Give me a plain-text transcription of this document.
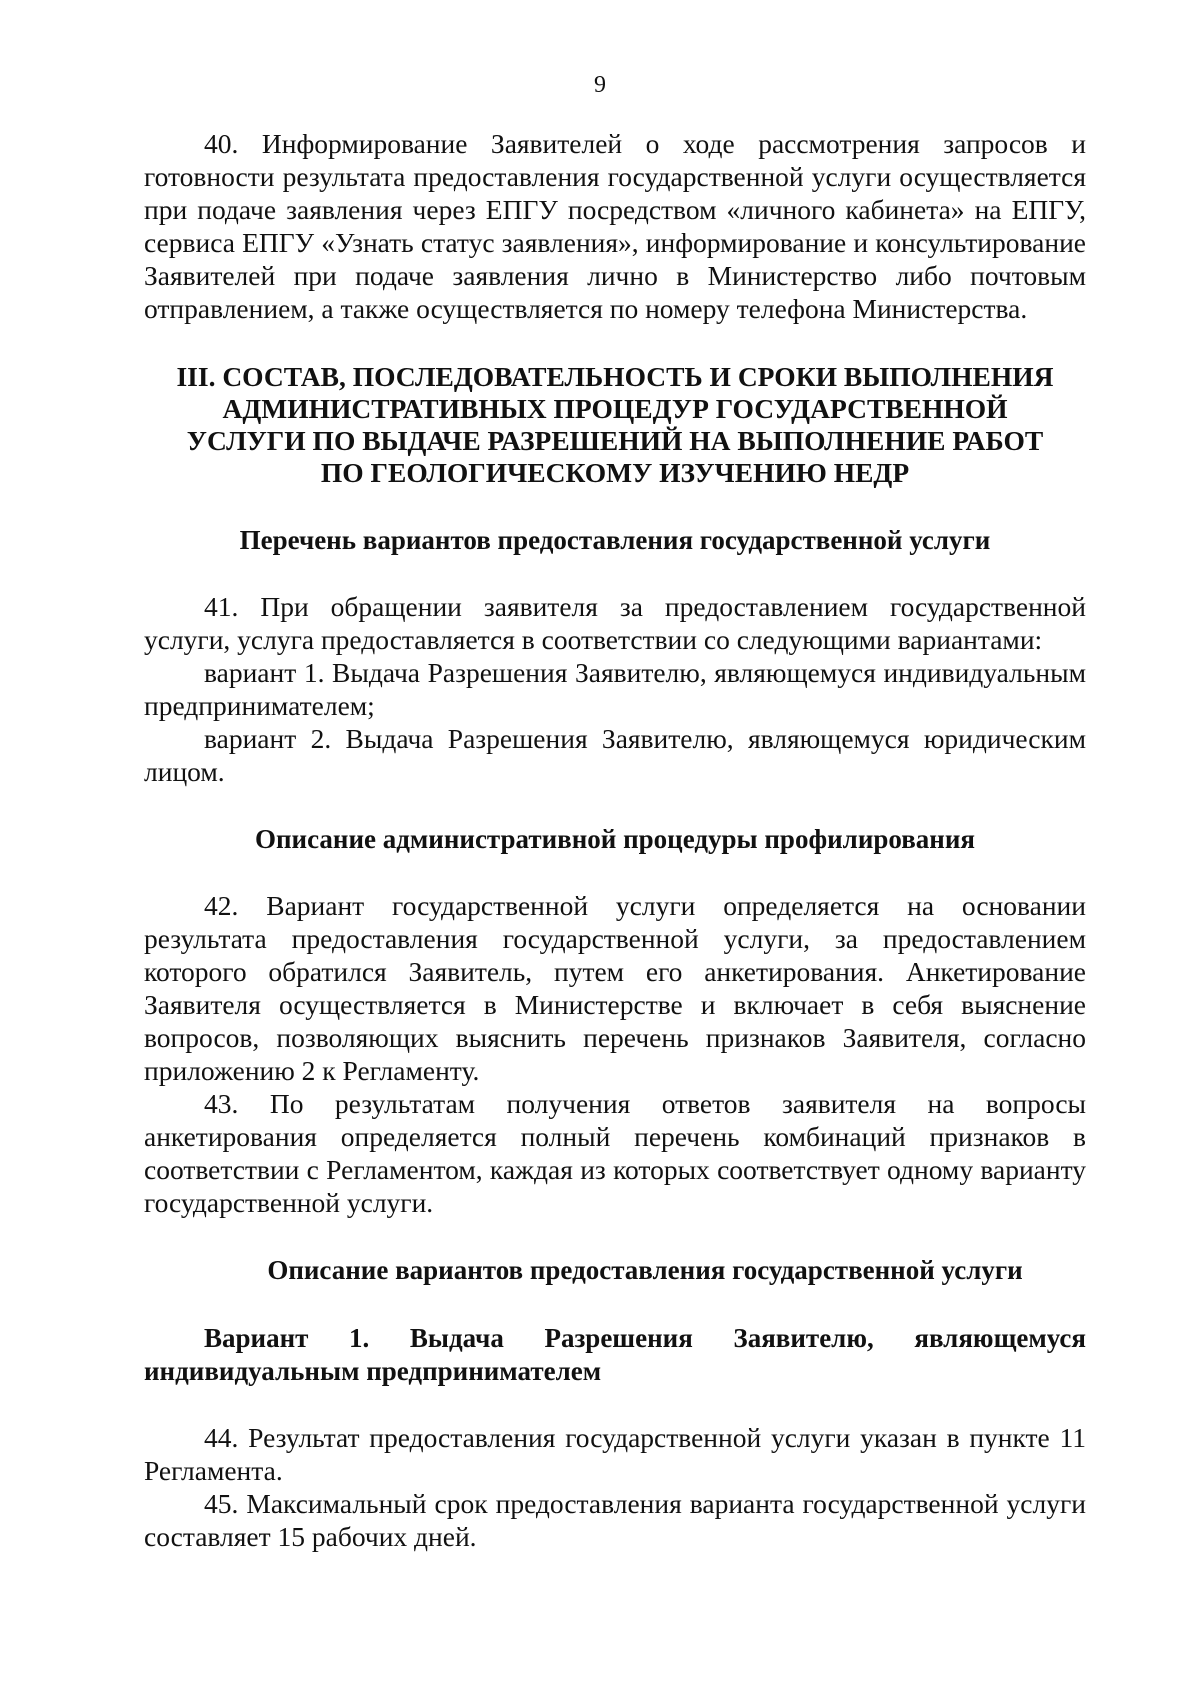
9

40. Информирование Заявителей о ходе рассмотрения запросов и готовности результата предоставления государственной услуги осуществляется при подаче заявления через ЕПГУ посредством «личного кабинета» на ЕПГУ, сервиса ЕПГУ «Узнать статус заявления», информирование и консультирование Заявителей при подаче заявления лично в Министерство либо почтовым отправлением, а также осуществляется по номеру телефона Министерства.

III. СОСТАВ, ПОСЛЕДОВАТЕЛЬНОСТЬ И СРОКИ ВЫПОЛНЕНИЯ
АДМИНИСТРАТИВНЫХ ПРОЦЕДУР ГОСУДАРСТВЕННОЙ
УСЛУГИ ПО ВЫДАЧЕ РАЗРЕШЕНИЙ НА ВЫПОЛНЕНИЕ РАБОТ
ПО ГЕОЛОГИЧЕСКОМУ ИЗУЧЕНИЮ НЕДР
Перечень вариантов предоставления государственной услуги

41. При обращении заявителя за предоставлением государственной услуги, услуга предоставляется в соответствии со следующими вариантами:

вариант 1. Выдача Разрешения Заявителю, являющемуся индивидуальным предпринимателем;

вариант 2. Выдача Разрешения Заявителю, являющемуся юридическим лицом.

Описание административной процедуры профилирования

42. Вариант государственной услуги определяется на основании результата предоставления государственной услуги, за предоставлением которого обратился Заявитель, путем его анкетирования. Анкетирование Заявителя осуществляется в Министерстве и включает в себя выяснение вопросов, позволяющих выяснить перечень признаков Заявителя, согласно приложению 2 к Регламенту.

43. По результатам получения ответов заявителя на вопросы анкетирования определяется полный перечень комбинаций признаков в соответствии с Регламентом, каждая из которых соответствует одному варианту государственной услуги.

Описание вариантов предоставления государственной услуги
Вариант 1. Выдача Разрешения Заявителю, являющемуся индивидуальным предпринимателем

44. Результат предоставления государственной услуги указан в пункте 11 Регламента.

45. Максимальный срок предоставления варианта государственной услуги составляет 15 рабочих дней.
